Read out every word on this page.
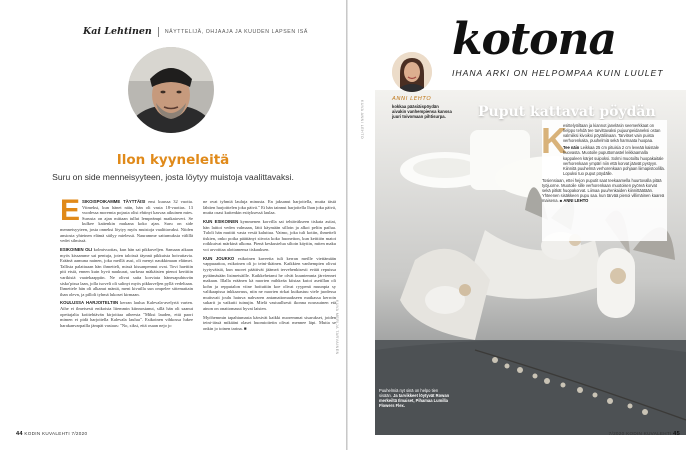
Kai Lehtinen	NÄYTTELIJÄ, OHJAAJA JA KUUDEN LAPSEN ISÄ
Ilon kyyneleitä
Suru on side menneisyyteen, josta löytyy muistoja vaalittavaksi.

E SIKOISPOIKAMME TÄYTTÄISI ensi kuussa 32 vuotta. Viimeksi, kun hänet näin, hän oli vasta 18-vuotias. 13 vuodessa moremta pojasta olisi ehtinyt kasvaa aikuinen mies. Surusta on ajan mittaan tullut lempeämpi matkatoveri. Se kulkee kaitenkin mukana koko ajan. Suru on side menneisyyteen, josta onneksi löytyy myös muistoja vaalittavaksi. Niiden ansiosta yhteinen elämä säilyy mielessä. Nauramme sattumuksia välillä vedet silmissä.

ESIKOINEN OLI kolmivuotias, kun hän sai pikkuveljen. Samaan aikaan myös kissamme sai pentuja, joten taloissä täynnä pikkuista hoivattavia. Eräänä aamuna nainen, joka meillä asui, oli menyt naukkimaan eläimet. Tallista palattuaan hän ihmetteli, missä kissanpennut ovat. Tovi haettiin piti etsiä, ennen kuin hyvä naukurat, surkeaa mäkäisten pienoi kertitiin varikisiä vaatekaappiin. Ne olivat saita korviata hänesapuhtuvän sisko'pissa laan, jolla isoveli oli salinyt myös pikkuveljen pyllä vedeltaan. Ihmettele hän oli alkanut mäntä, meni kivuilla sun ompelee sittemattain ihan olevn, ja pilloli tyhmä lukoset kirmaan.

KOULUSSA HARJOITELTIIN kerran laulua Kalevala-avelyrtä varten. Aihe ei ilmeisesti enikoista liiemmin kiinnostanut, sillä hän oli saanut opettajalta kotitehtävän kirjoittaa aiheesta "Miksi lauden, että paori mimen et pidä harjoitella Kalevala laulua". Esikoinen vihkossa lukee harakanvarpailla jämpät vastaus: "No, siksi, että osaan nejo jo

ne ovat tyhmiä lauluja minusta. En jaksanut harjoitella, mutta tästä lähtien harjoittelen joka päivä." Ei hän tainnut harjoitella lhan joka päivä, mutta osasi kuitenkin esityksessä laulaa.

KUN ESIKOINEN kymmenen korvilla sai tehtäväkseen tiskata astiat, hän laittoi veden valmaan, lätti käymään silloin ja alkoi peliin pailua. Tuloli hän mutitti vasta vesiä kaluttua. Vaimo, joka tuli kotiin, ihmetteli tiskien, onko poika päättänyt siivota koko huoneiton, kun keittiön matot roikkuivat märkinä ulkona. Pienä keskustelua siltoin käytiin, miten maku voi arvoittaa alottamensa tiskauksen.

KUN JOUKKO esikoinen kaveeita tuli kerran meille viettämään vappuaattoa, esikoinen oli jo teini-ikäinen. Kaikkien vanhempien olivat tyytyväisiä, kun nuoret päättivät jäämeä tervehenkisesti eväät repuissa pyttämäsään lisimetsäille. Kaikkehetami he olvät kuuntemnta järviennet makaan. Illalla eräänen kä nuorten mihkeäa kiistaa kutoi asetillan oli kohn ja repputalon viine hoituttiin koe olivat ryypenä muunpia sy valikaapissa inkkaavuus, niin ne nuorten rirkat kuikastuu viele juodessa muitsvait joulu hatuva nahvaren antamattomaakseen matkassa kerroin sukarit ja vaikutti tuinujin. Mielä vastuullsesti ikonna noussuinen etä ainon on onattomasut hyvat laisien.

Myöhemmin tapahtumasta kärsivät kaikki nuoremmat sisarukset, joiden teini-iässä mikääni olaset huomioitetin olivat mennee läpi. Mutta se onkin jo toinen tarina. ■	KUVA MERIJA TARVAINEN
44 KODIN KUVALEHTI 7/2020
kotona
IHANA ARKI ON HELPOMPAA KUIN LUULET
ANNI LEHTO
kokkaa pääsiäispöydän aivakin vanhempiensa kanssa juuri toivomaan pihtisurpa.	Puput kattavat pöydän
K

esittelyöiltaan ja kiannot janeläsin seemerkkaat on helppo tehdä tee tarvittavaksi pujuunpeidaneksi ostan valmiiksi kivoiksi pöytäliinaan. Tarvitset vain puista verhorenkaita, puuhelmiä sekä harmaata huopaa.

Tee näin Leikkaa 25 cm pituisia 2 cm leveää kaistale huovasta. Muotoile puputtomastel leikkaamalla kappaleen kärjet suipoksi. Solmi muotoiltu huopakaitale verhorenkaan ympäri niin että korvat jäävät pystyyn. Kiinnitä puuhelmä verhorenkaan pohjaan liimapistoolilla. Lopuksi tuo puput pöydälle.

Tosiensiaan, ettei hejon puputit saat teekaamella huurtovalla pitää työjuorne. Muotoile sille verhorenkaan muotoisen pyöreä korvat sekä pitkät huopakorvat. Liimaa puu/renkaiden kiinnittäätään. Yhteenen sisäkkeen pupu saa. kun tärvää pienoi villimäinen kaareä maisena. ■ ANNI LEHTO

Puuhelmiä nyt sinä on helpo tien sisään. Ja tarvikkeet löytyvät Rowan merkeiltä Ilmaiset, Pihamaa Lumilla Flowers Flex.
KUVA ANNI LEHTO
7/2020 KODIN KUVALEHTI 45
